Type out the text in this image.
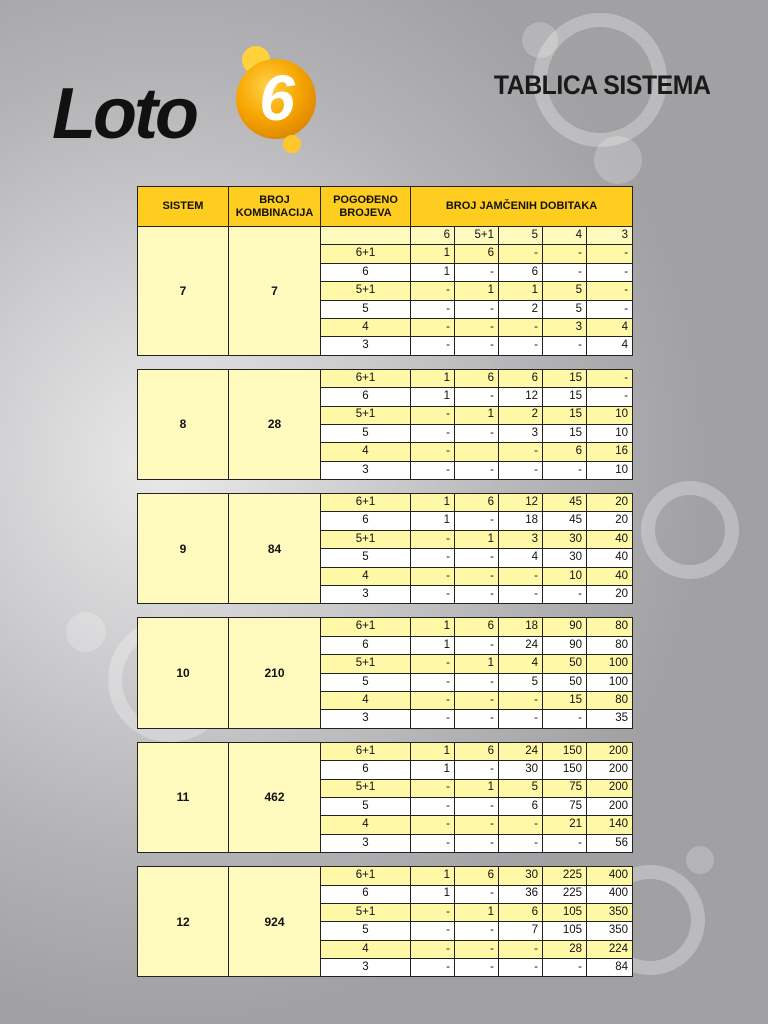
Loto 6	TABLICA SISTEMA
SISTEM	BROJ KOMBINACIJA	POGOĐENO BROJEVA	BROJ JAMČENIH DOBITAKA				
7	7		6	5+1	5	4	3
		6+1	1	6	-	-	-
		6	1	-	6	-	-
		5+1	-	1	1	5	-
		5	-	-	2	5	-
		4	-	-	-	3	4
		3	-	-	-	-	4

8	28	6+1	1	6	6	15	-
		6	1	-	12	15	-
		5+1	-	1	2	15	10
		5	-	-	3	15	10
		4	-		-	6	16
		3	-	-	-	-	10

9	84	6+1	1	6	12	45	20
		6	1	-	18	45	20
		5+1	-	1	3	30	40
		5	-	-	4	30	40
		4	-	-	-	10	40
		3	-	-	-	-	20

10	210	6+1	1	6	18	90	80
		6	1	-	24	90	80
		5+1	-	1	4	50	100
		5	-	-	5	50	100
		4	-	-	-	15	80
		3	-	-	-	-	35

11	462	6+1	1	6	24	150	200
		6	1	-	30	150	200
		5+1	-	1	5	75	200
		5	-	-	6	75	200
		4	-	-	-	21	140
		3	-	-	-	-	56

12	924	6+1	1	6	30	225	400
		6	1	-	36	225	400
		5+1	-	1	6	105	350
		5	-	-	7	105	350
		4	-	-	-	28	224
		3	-	-	-	-	84
